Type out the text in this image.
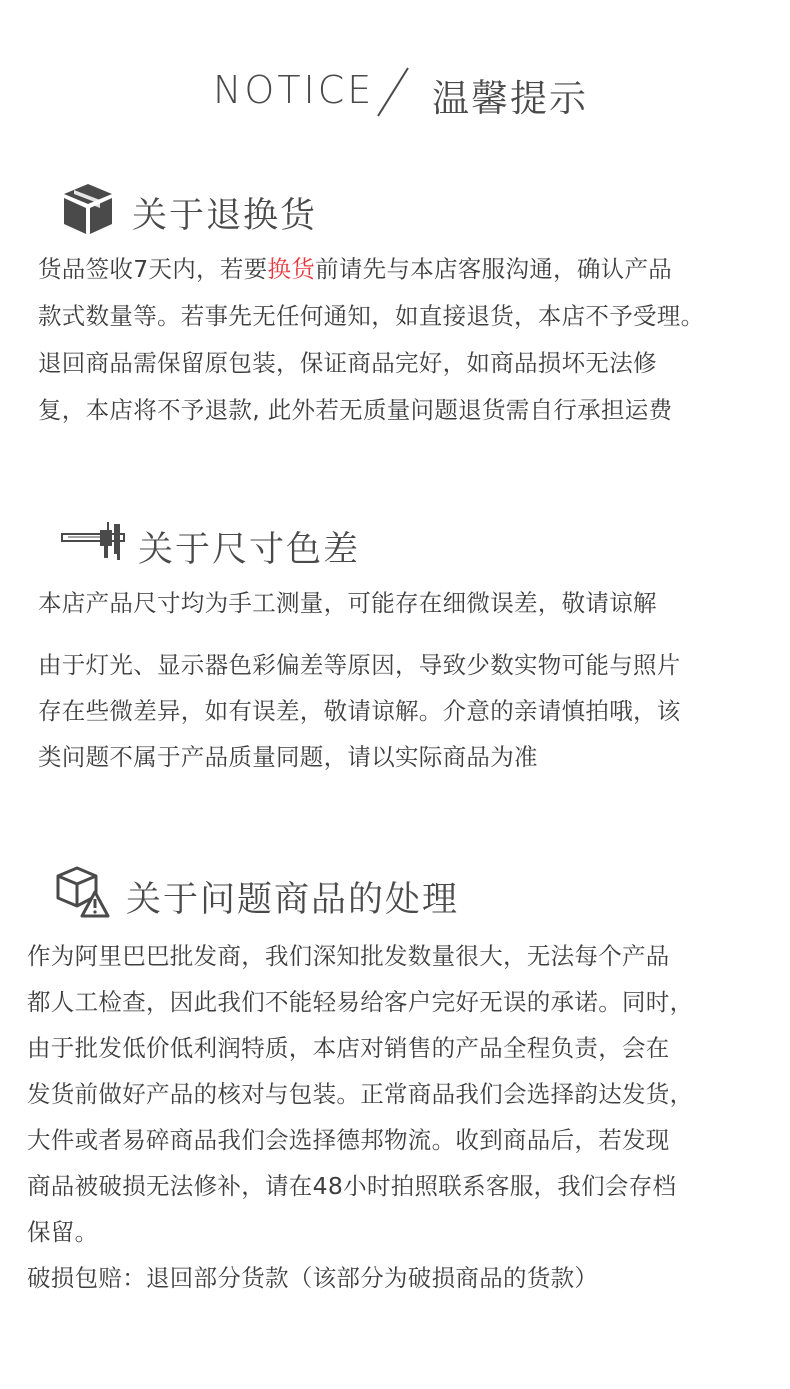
NOTICE 温馨提示
关于退换货
货品签收7天内，若要换货前请先与本店客服沟通，确认产品
款式数量等。若事先无任何通知，如直接退货，本店不予受理。
退回商品需保留原包装，保证商品完好，如商品损坏无法修
复，本店将不予退款, 此外若无质量问题退货需自行承担运费
关于尺寸色差
本店产品尺寸均为手工测量，可能存在细微误差，敬请谅解
由于灯光、显示器色彩偏差等原因，导致少数实物可能与照片
存在些微差异，如有误差，敬请谅解。介意的亲请慎拍哦，该
类问题不属于产品质量同题，请以实际商品为准
关于问题商品的处理
作为阿里巴巴批发商，我们深知批发数量很大，无法每个产品
都人工检查，因此我们不能轻易给客户完好无误的承诺。同时，
由于批发低价低利润特质，本店对销售的产品全程负责，会在
发货前做好产品的核对与包装。正常商品我们会选择韵达发货，
大件或者易碎商品我们会选择德邦物流。收到商品后，若发现
商品被破损无法修补，请在48小时拍照联系客服，我们会存档
保留。
破损包赔：退回部分货款（该部分为破损商品的货款）
